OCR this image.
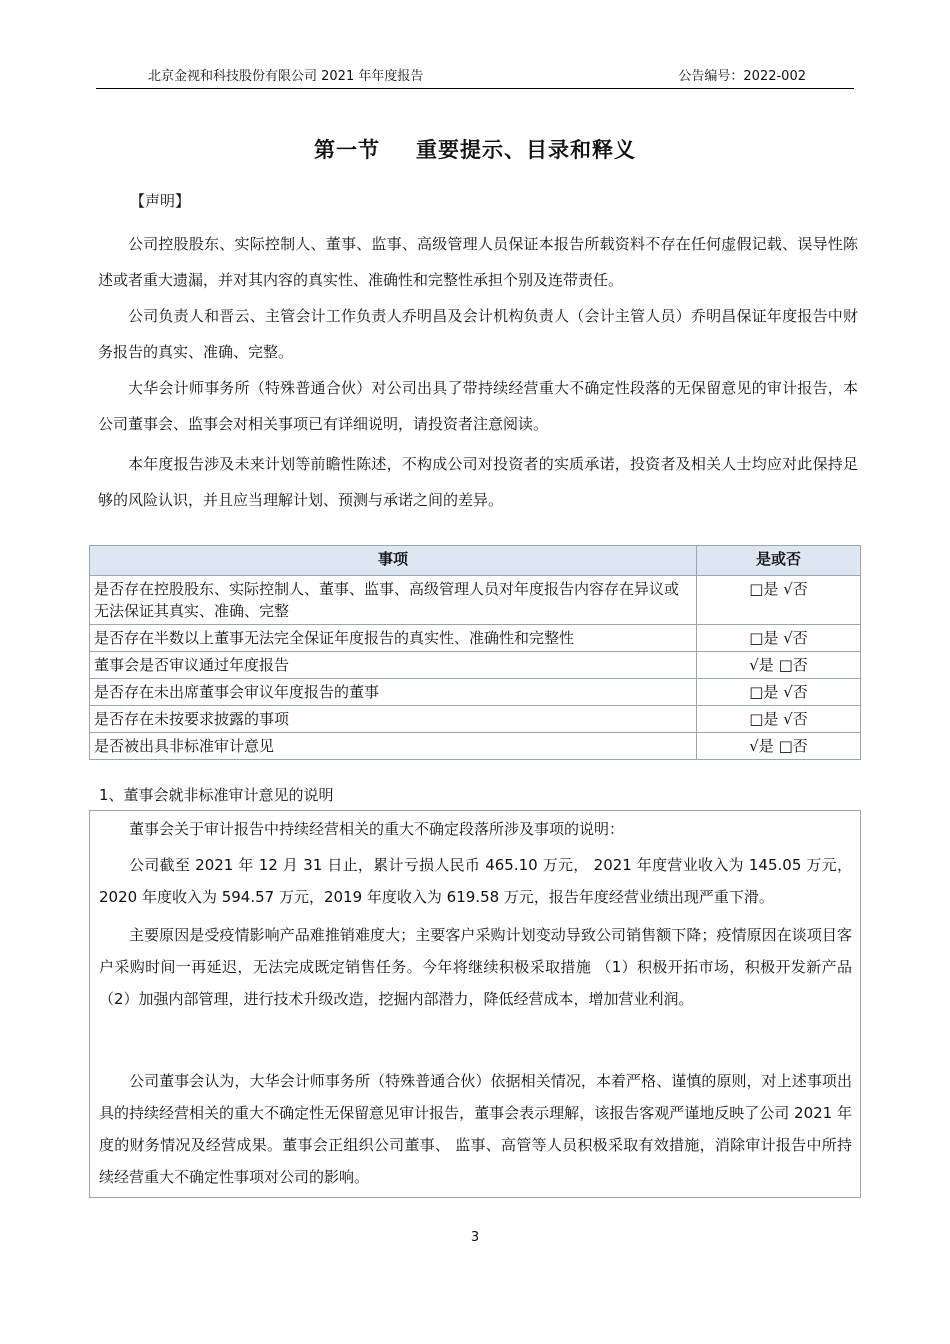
北京金视和科技股份有限公司 2021 年年度报告	公告编号：2022-002
第一节 重要提示、目录和释义
【声明】

公司控股股东、实际控制人、董事、监事、高级管理人员保证本报告所载资料不存在任何虚假记载、误导性陈述或者重大遗漏，并对其内容的真实性、准确性和完整性承担个别及连带责任。

公司负责人和晋云、主管会计工作负责人乔明昌及会计机构负责人（会计主管人员）乔明昌保证年度报告中财务报告的真实、准确、完整。

大华会计师事务所（特殊普通合伙）对公司出具了带持续经营重大不确定性段落的无保留意见的审计报告，本公司董事会、监事会对相关事项已有详细说明，请投资者注意阅读。

本年度报告涉及未来计划等前瞻性陈述，不构成公司对投资者的实质承诺，投资者及相关人士均应对此保持足够的风险认识，并且应当理解计划、预测与承诺之间的差异。

事项	是或否
是否存在控股股东、实际控制人、董事、监事、高级管理人员对年度报告内容存在异议或无法保证其真实、准确、完整	□是 √否
是否存在半数以上董事无法完全保证年度报告的真实性、准确性和完整性	□是 √否
董事会是否审议通过年度报告	√是 □否
是否存在未出席董事会审议年度报告的董事	□是 √否
是否存在未按要求披露的事项	□是 √否
是否被出具非标准审计意见	√是 □否
1、董事会就非标准审计意见的说明

董事会关于审计报告中持续经营相关的重大不确定段落所涉及事项的说明：

公司截至 2021 年 12 月 31 日止，累计亏损人民币 465.10 万元， 2021 年度营业收入为 145.05 万元，2020 年度收入为 594.57 万元，2019 年度收入为 619.58 万元，报告年度经营业绩出现严重下滑。

主要原因是受疫情影响产品难推销难度大；主要客户采购计划变动导致公司销售额下降；疫情原因在谈项目客户采购时间一再延迟，无法完成既定销售任务。今年将继续积极采取措施 （1）积极开拓市场，积极开发新产品（2）加强内部管理，进行技术升级改造，挖掘内部潜力，降低经营成本，增加营业利润。

公司董事会认为，大华会计师事务所（特殊普通合伙）依据相关情况，本着严格、谨慎的原则，对上述事项出具的持续经营相关的重大不确定性无保留意见审计报告，董事会表示理解，该报告客观严谨地反映了公司 2021 年度的财务情况及经营成果。董事会正组织公司董事、 监事、高管等人员积极采取有效措施，消除审计报告中所持续经营重大不确定性事项对公司的影响。

3
